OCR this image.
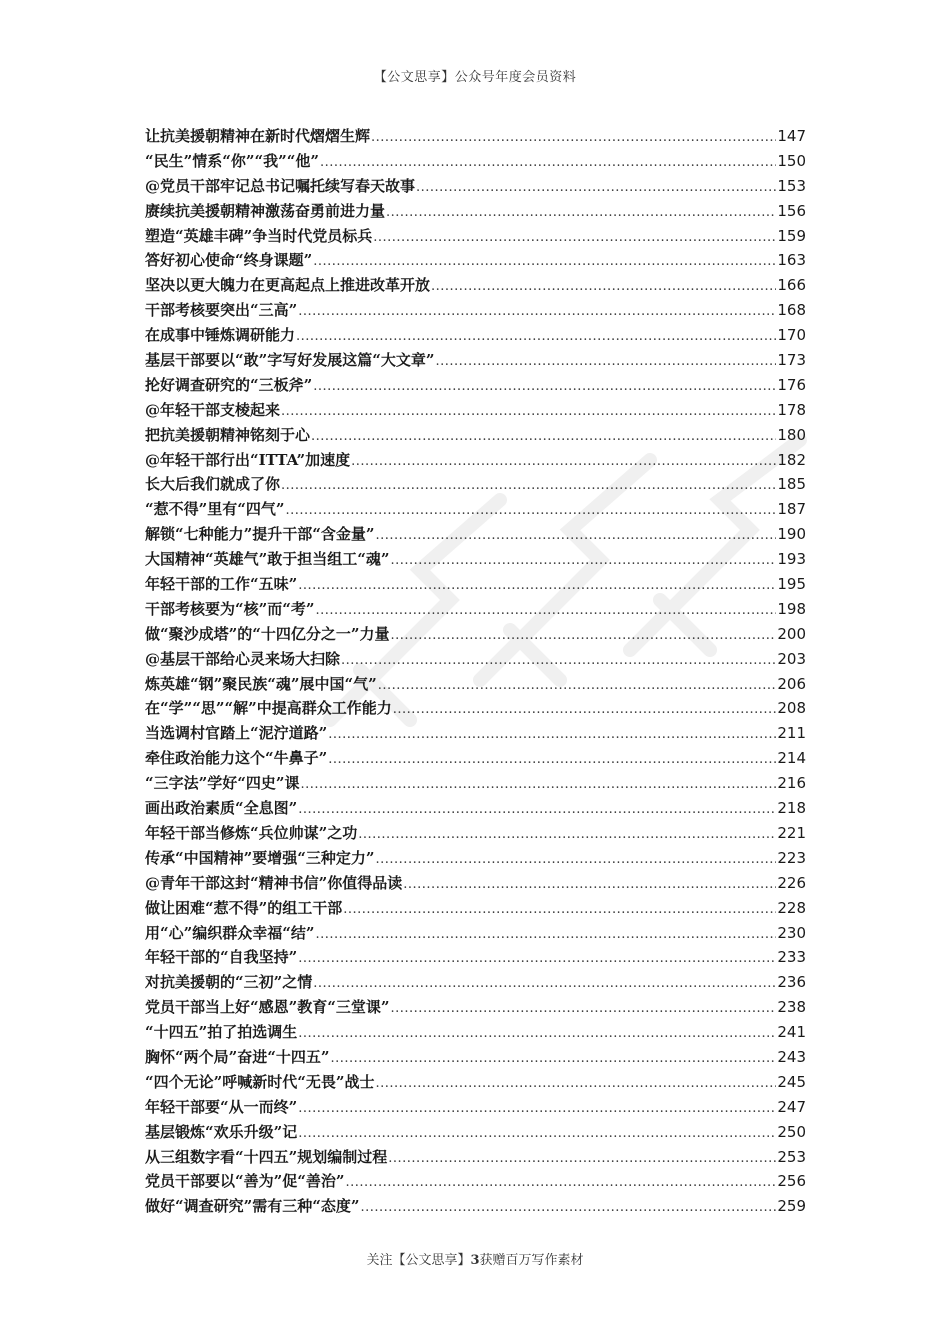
【公文思享】公众号年度会员资料
让抗美援朝精神在新时代熠熠生辉 .....	147
“民生”情系“你”“我”“他” .....	150
@党员干部牢记总书记嘱托续写春天故事 .....	153
赓续抗美援朝精神激荡奋勇前进力量 .....	156
塑造“英雄丰碑”争当时代党员标兵 .....	159
答好初心使命“终身课题” .....	163
坚决以更大魄力在更高起点上推进改革开放 .....	166
干部考核要突出“三高” .....	168
在成事中锤炼调研能力 .....	170
基层干部要以“敢”字写好发展这篇“大文章” .....	173
抡好调查研究的“三板斧” .....	176
@年轻干部支棱起来 .....	178
把抗美援朝精神铭刻于心 .....	180
@年轻干部行出“ITTA”加速度 .....	182
长大后我们就成了你 .....	185
“惹不得”里有“四气” .....	187
解锁“七种能力”提升干部“含金量” .....	190
大国精神“英雄气”敢于担当组工“魂” .....	193
年轻干部的工作“五味” .....	195
干部考核要为“核”而“考” .....	198
做“聚沙成塔”的“十四亿分之一”力量 .....	200
@基层干部给心灵来场大扫除 .....	203
炼英雄“钢”聚民族“魂”展中国“气” .....	206
在“学”“思”“解”中提高群众工作能力 .....	208
当选调村官踏上“泥泞道路” .....	211
牵住政治能力这个“牛鼻子” .....	214
“三字法”学好“四史”课 .....	216
画出政治素质“全息图” .....	218
年轻干部当修炼“兵位帅谋”之功 .....	221
传承“中国精神”要增强“三种定力” .....	223
@青年干部这封“精神书信”你值得品读 .....	226
做让困难“惹不得”的组工干部 .....	228
用“心”编织群众幸福“结” .....	230
年轻干部的“自我坚持” .....	233
对抗美援朝的“三初”之情 .....	236
党员干部当上好“感恩”教育“三堂课” .....	238
“十四五”拍了拍选调生 .....	241
胸怀“两个局”奋进“十四五” .....	243
“四个无论”呼喊新时代“无畏”战士 .....	245
年轻干部要“从一而终” .....	247
基层锻炼“欢乐升级”记 .....	250
从三组数字看“十四五”规划编制过程 .....	253
党员干部要以“善为”促“善治” .....	256
做好“调查研究”需有三种“态度” .....	259
关注【公文思享】3获赠百万写作素材
